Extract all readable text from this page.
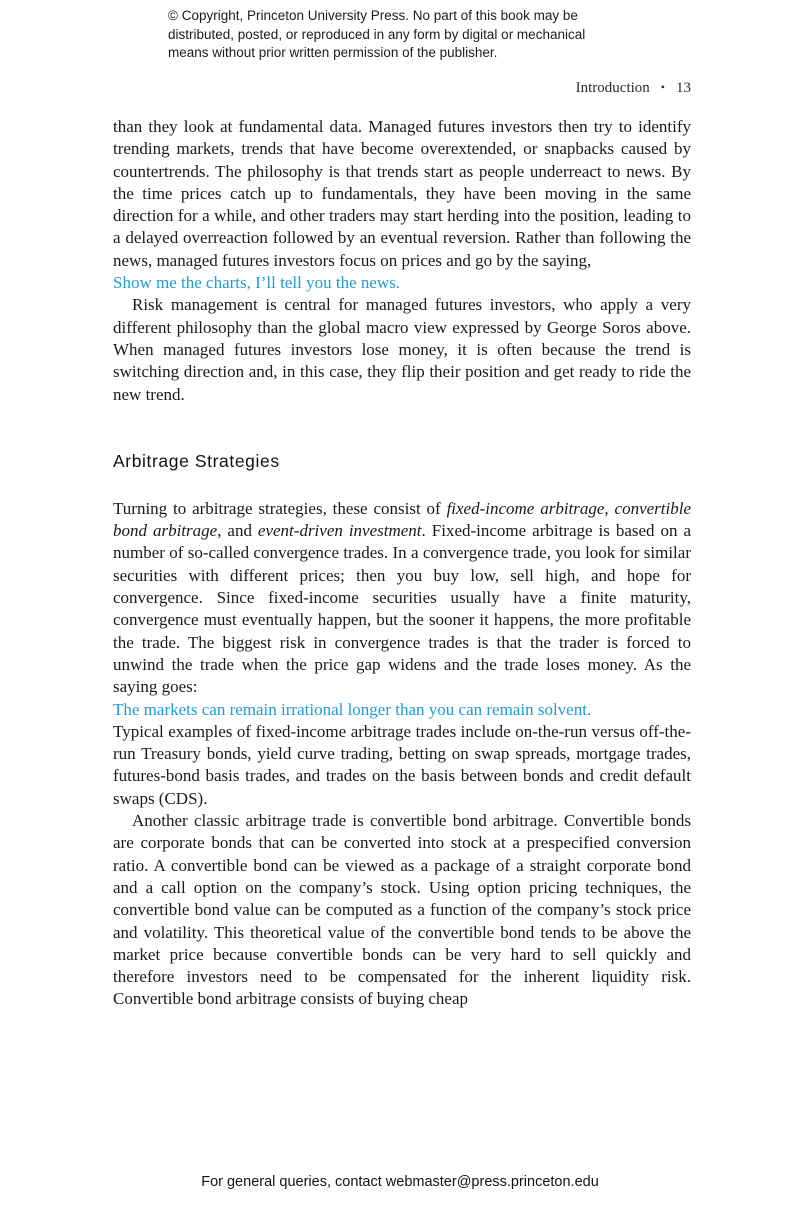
© Copyright, Princeton University Press. No part of this book may be
distributed, posted, or reproduced in any form by digital or mechanical
means without prior written permission of the publisher.
Introduction • 13

than they look at fundamental data. Managed futures investors then try to identify trending markets, trends that have become overextended, or snapbacks caused by countertrends. The philosophy is that trends start as people underreact to news. By the time prices catch up to fundamentals, they have been moving in the same direction for a while, and other traders may start herding into the position, leading to a delayed overreaction followed by an eventual reversion. Rather than following the news, managed futures investors focus on prices and go by the saying,

Show me the charts, I’ll tell you the news.

Risk management is central for managed futures investors, who apply a very different philosophy than the global macro view expressed by George Soros above. When managed futures investors lose money, it is often because the trend is switching direction and, in this case, they flip their position and get ready to ride the new trend.

Arbitrage Strategies

Turning to arbitrage strategies, these consist of fixed-income arbitrage, convertible bond arbitrage, and event-driven investment. Fixed-income arbitrage is based on a number of so-called convergence trades. In a convergence trade, you look for similar securities with different prices; then you buy low, sell high, and hope for convergence. Since fixed-income securities usually have a finite maturity, convergence must eventually happen, but the sooner it happens, the more profitable the trade. The biggest risk in convergence trades is that the trader is forced to unwind the trade when the price gap widens and the trade loses money. As the saying goes:

The markets can remain irrational longer than you can remain solvent.

Typical examples of fixed-income arbitrage trades include on-the-run versus off-the-run Treasury bonds, yield curve trading, betting on swap spreads, mortgage trades, futures-bond basis trades, and trades on the basis between bonds and credit default swaps (CDS).

Another classic arbitrage trade is convertible bond arbitrage. Convertible bonds are corporate bonds that can be converted into stock at a prespecified conversion ratio. A convertible bond can be viewed as a package of a straight corporate bond and a call option on the company’s stock. Using option pricing techniques, the convertible bond value can be computed as a function of the company’s stock price and volatility. This theoretical value of the convertible bond tends to be above the market price because convertible bonds can be very hard to sell quickly and therefore investors need to be compensated for the inherent liquidity risk. Convertible bond arbitrage consists of buying cheap

For general queries, contact webmaster@press.princeton.edu
